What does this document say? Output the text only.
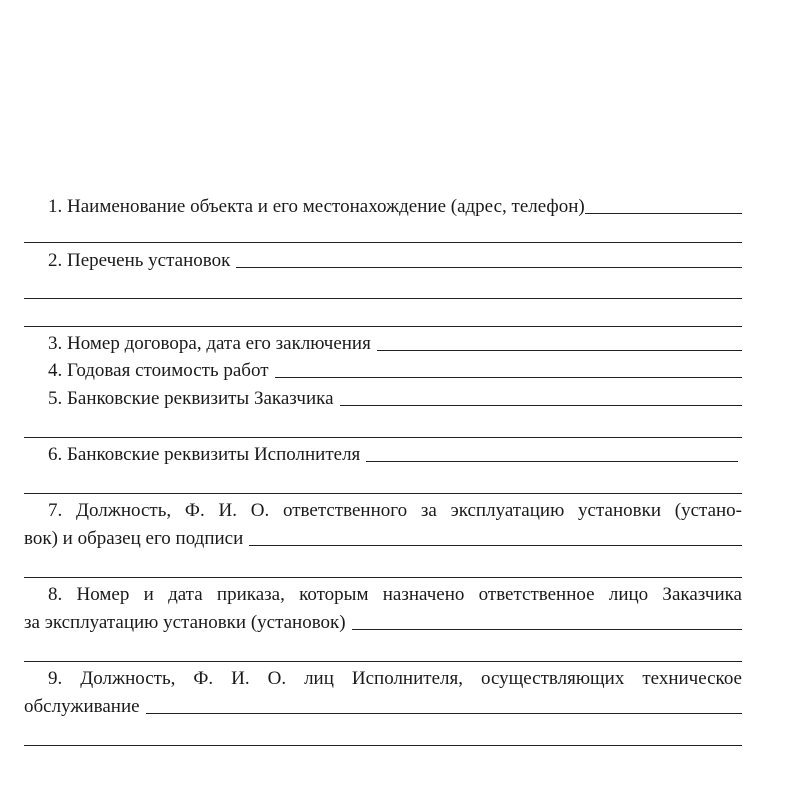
1. Наименование объекта и его местонахождение (адрес, телефон)
2. Перечень установок
3. Номер договора, дата его заключения
4. Годовая стоимость работ
5. Банковские реквизиты Заказчика
6. Банковские реквизиты Исполнителя
7. Должность, Ф. И. О. ответственного за эксплуатацию установки (устано-
вок) и образец его подписи
8. Номер и дата приказа, которым назначено ответственное лицо Заказчика
за эксплуатацию установки (установок)
9. Должность, Ф. И. О. лиц Исполнителя, осуществляющих техническое
обслуживание
